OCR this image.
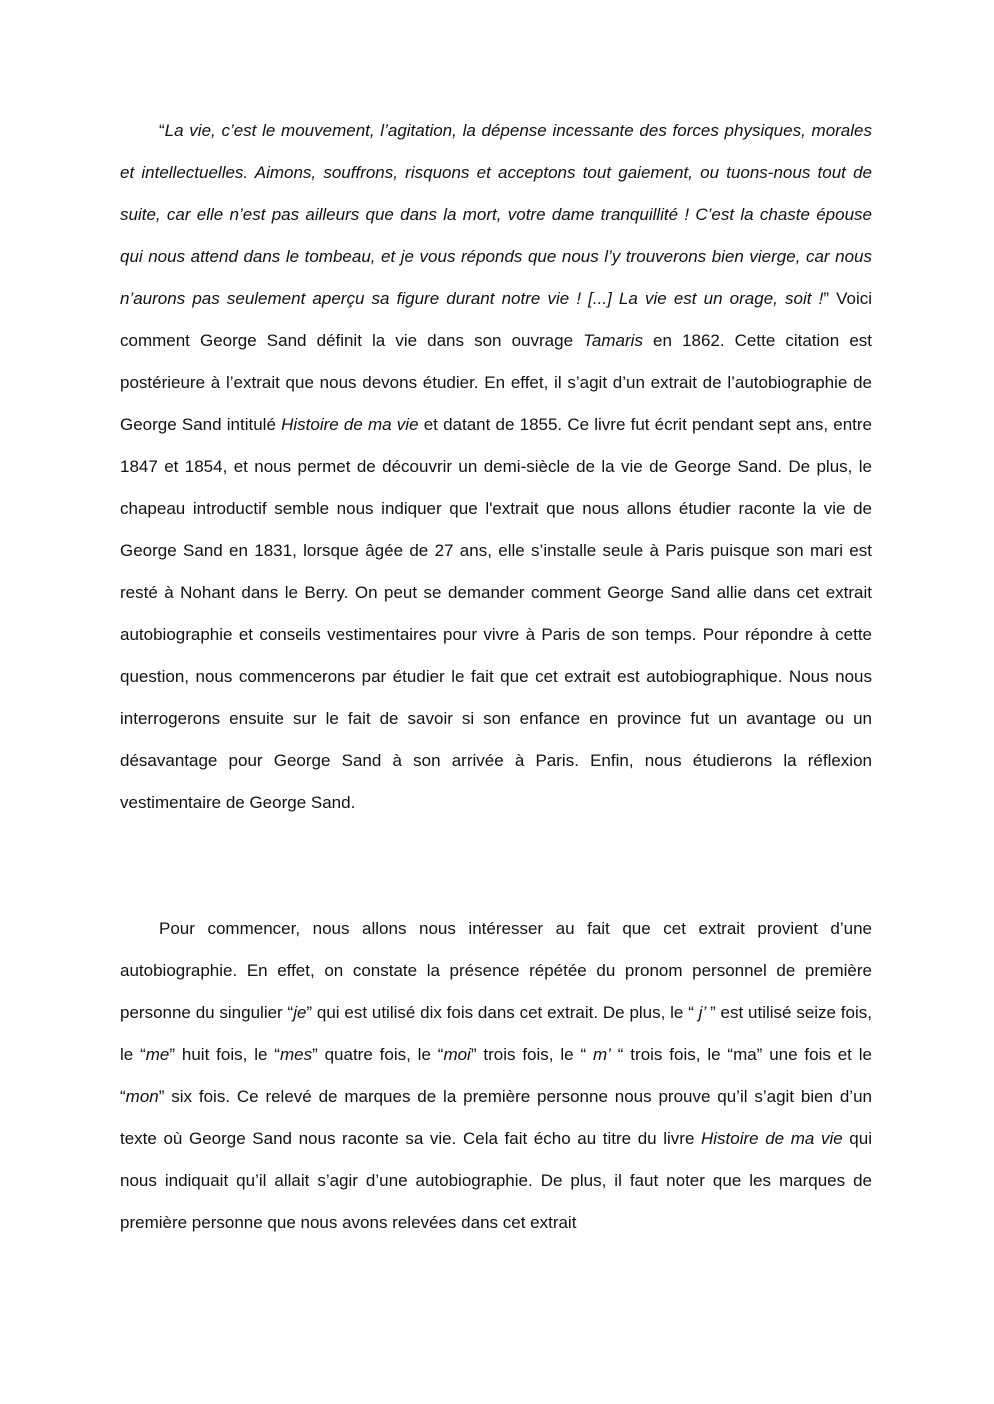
“La vie, c’est le mouvement, l’agitation, la dépense incessante des forces physiques, morales et intellectuelles. Aimons, souffrons, risquons et acceptons tout gaiement, ou tuons-nous tout de suite, car elle n’est pas ailleurs que dans la mort, votre dame tranquillité ! C’est la chaste épouse qui nous attend dans le tombeau, et je vous réponds que nous l’y trouverons bien vierge, car nous n’aurons pas seulement aperçu sa figure durant notre vie ! [...] La vie est un orage, soit !” Voici comment George Sand définit la vie dans son ouvrage Tamaris en 1862. Cette citation est postérieure à l’extrait que nous devons étudier. En effet, il s’agit d’un extrait de l’autobiographie de George Sand intitulé Histoire de ma vie et datant de 1855. Ce livre fut écrit pendant sept ans, entre 1847 et 1854, et nous permet de découvrir un demi-siècle de la vie de George Sand. De plus, le chapeau introductif semble nous indiquer que l'extrait que nous allons étudier raconte la vie de George Sand en 1831, lorsque âgée de 27 ans, elle s’installe seule à Paris puisque son mari est resté à Nohant dans le Berry. On peut se demander comment George Sand allie dans cet extrait autobiographie et conseils vestimentaires pour vivre à Paris de son temps. Pour répondre à cette question, nous commencerons par étudier le fait que cet extrait est autobiographique. Nous nous interrogerons ensuite sur le fait de savoir si son enfance en province fut un avantage ou un désavantage pour George Sand à son arrivée à Paris. Enfin, nous étudierons la réflexion vestimentaire de George Sand.

Pour commencer, nous allons nous intéresser au fait que cet extrait provient d’une autobiographie. En effet, on constate la présence répétée du pronom personnel de première personne du singulier “je” qui est utilisé dix fois dans cet extrait. De plus, le “ j’ ” est utilisé seize fois, le “me” huit fois, le “mes” quatre fois, le “moi” trois fois, le “ m’ “ trois fois, le “ma” une fois et le “mon” six fois. Ce relevé de marques de la première personne nous prouve qu’il s’agit bien d’un texte où George Sand nous raconte sa vie. Cela fait écho au titre du livre Histoire de ma vie qui nous indiquait qu’il allait s’agir d’une autobiographie. De plus, il faut noter que les marques de première personne que nous avons relevées dans cet extrait
